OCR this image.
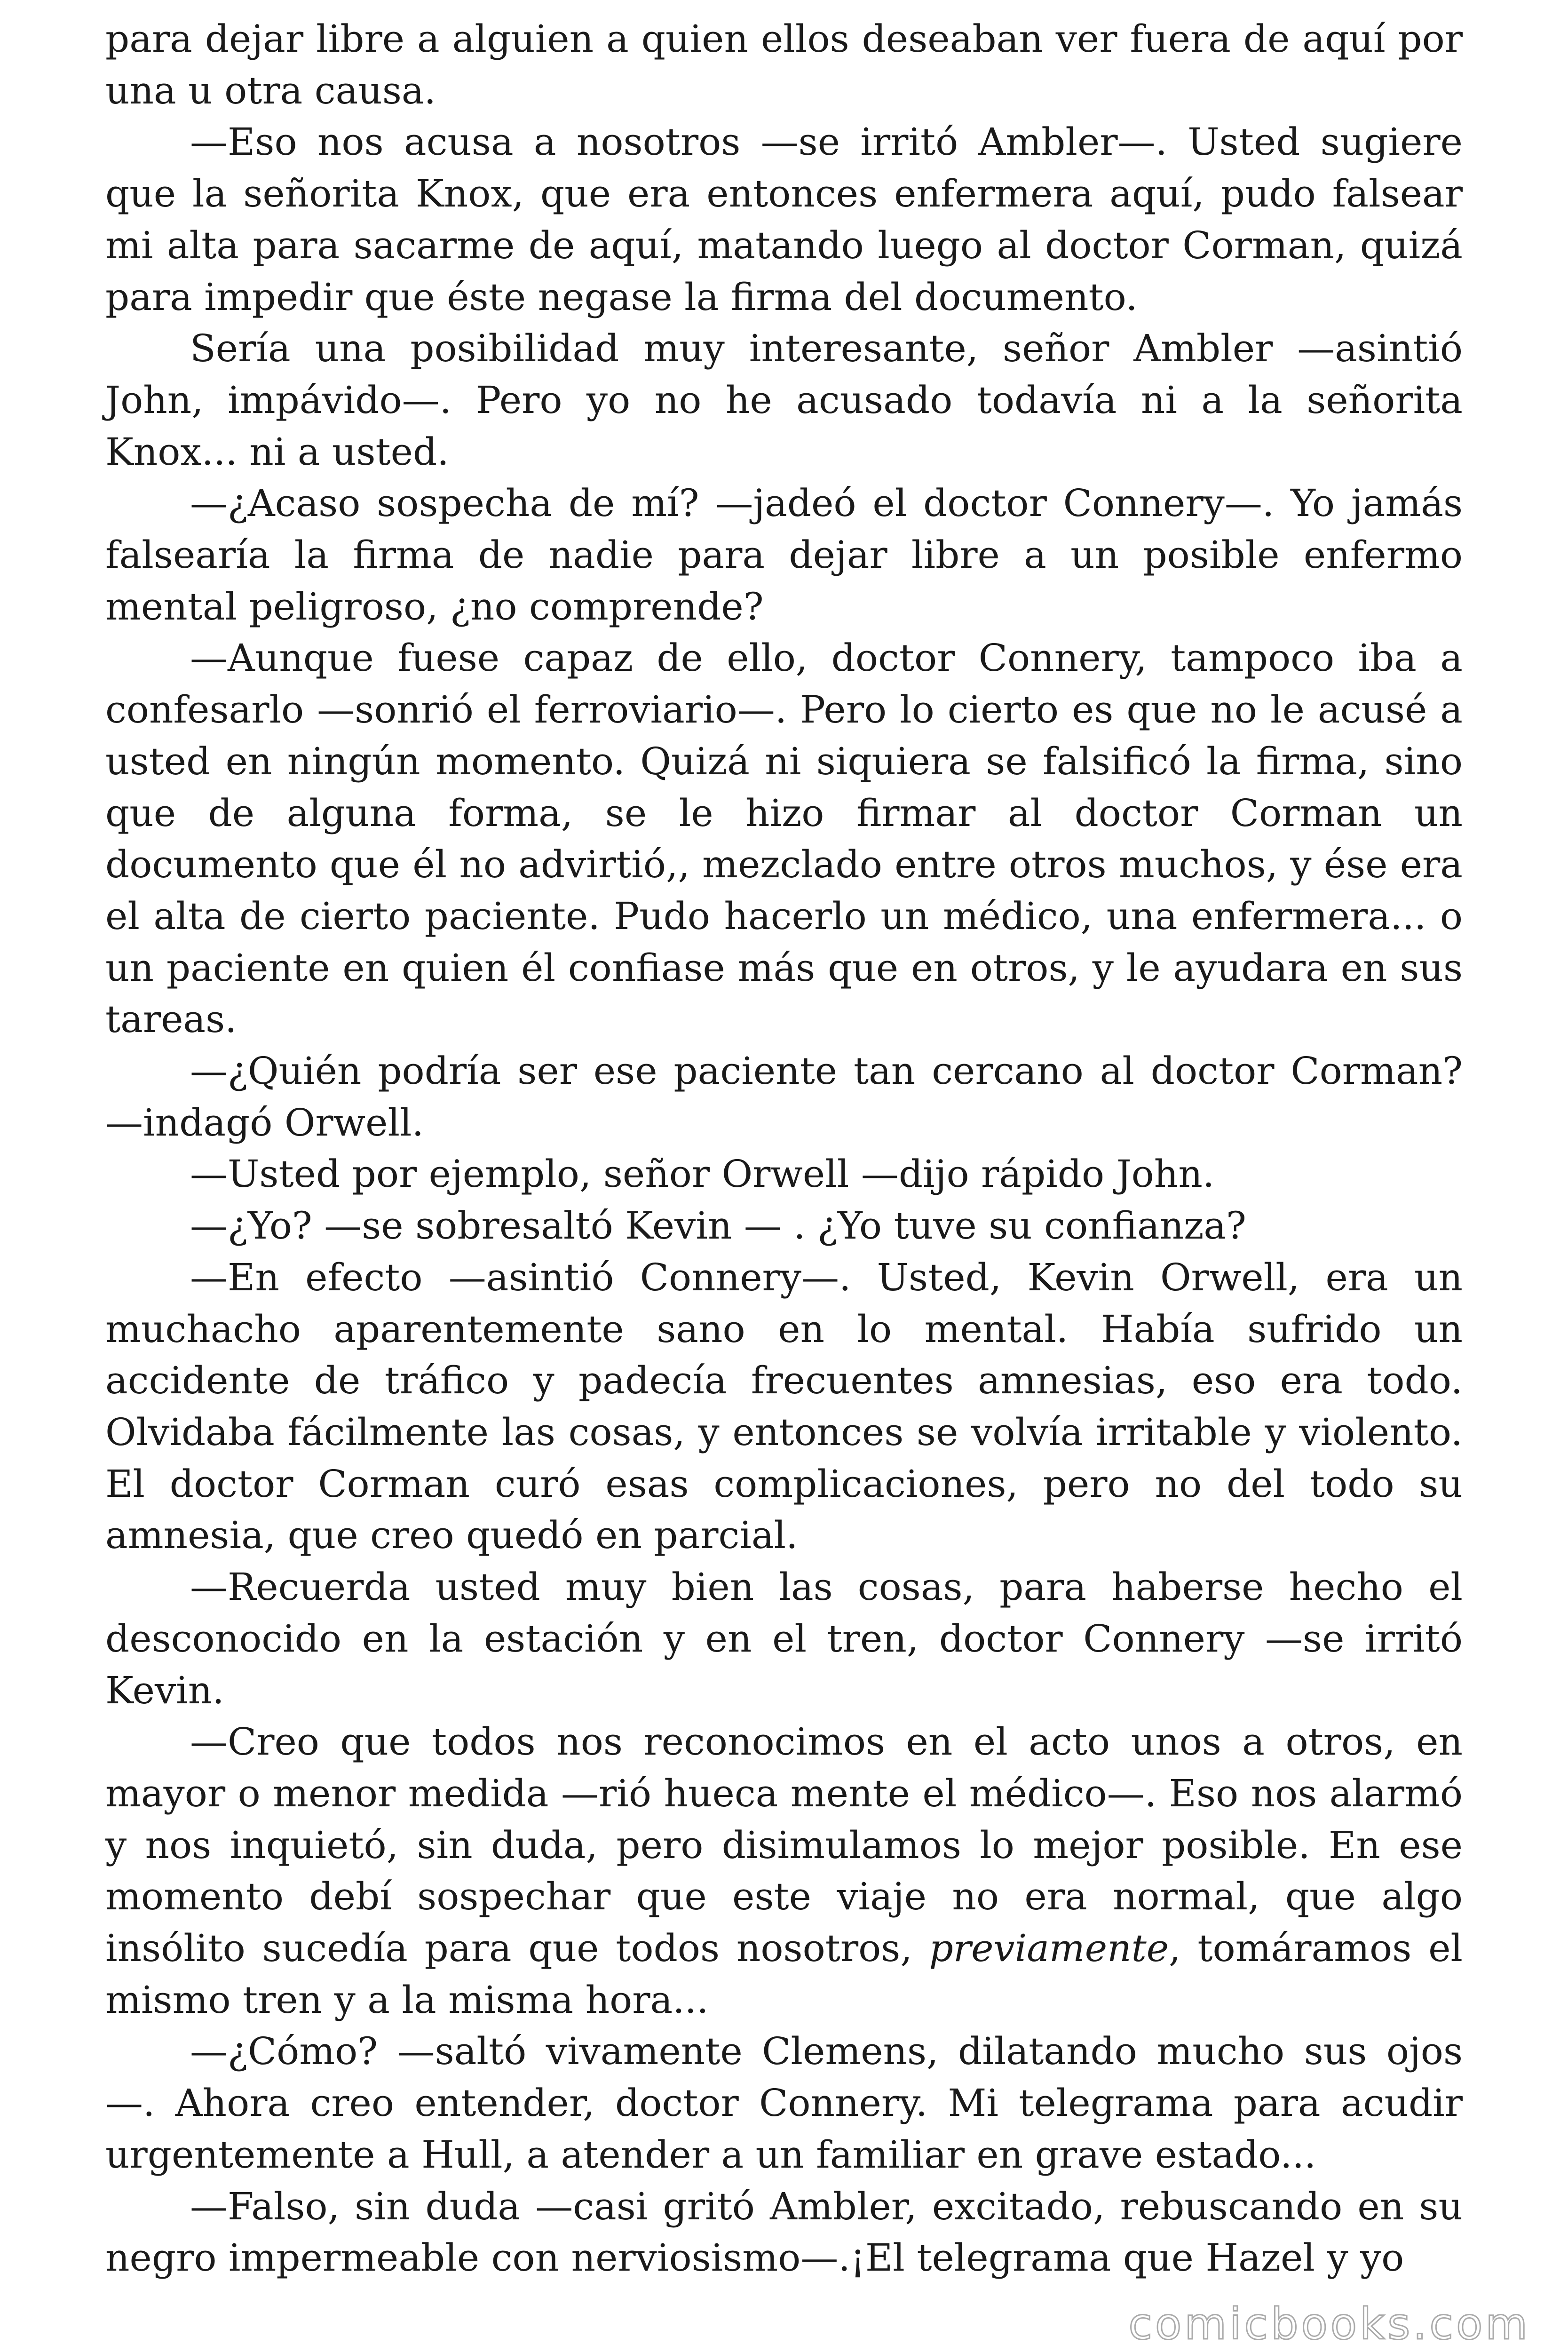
para dejar libre a alguien a quien ellos deseaban ver fuera de aquí por una u otra causa.

—Eso nos acusa a nosotros —se irritó Ambler—. Usted sugiere que la señorita Knox, que era entonces enfermera aquí, pudo falsear mi alta para sacarme de aquí, matando luego al doctor Corman, quizá para impedir que éste negase la firma del documento.

Sería una posibilidad muy interesante, señor Ambler —asintió John, impávido—. Pero yo no he acusado todavía ni a la señorita Knox... ni a usted.

—¿Acaso sospecha de mí? —jadeó el doctor Connery—. Yo jamás falsearía la firma de nadie para dejar libre a un posible enfermo mental peligroso, ¿no comprende?

—Aunque fuese capaz de ello, doctor Connery, tampoco iba a confesarlo —sonrió el ferroviario—. Pero lo cierto es que no le acusé a usted en ningún momento. Quizá ni siquiera se falsificó la firma, sino que de alguna forma, se le hizo firmar al doctor Corman un documento que él no advirtió,, mezclado entre otros muchos, y ése era el alta de cierto paciente. Pudo hacerlo un médico, una enfermera... o un paciente en quien él confiase más que en otros, y le ayudara en sus tareas.

—¿Quién podría ser ese paciente tan cercano al doctor Corman? —indagó Orwell.

—Usted por ejemplo, señor Orwell —dijo rápido John.

—¿Yo? —se sobresaltó Kevin — . ¿Yo tuve su confianza?

—En efecto —asintió Connery—. Usted, Kevin Orwell, era un muchacho aparentemente sano en lo mental. Había sufrido un accidente de tráfico y padecía frecuentes amnesias, eso era todo. Olvidaba fácilmente las cosas, y entonces se volvía irritable y violento. El doctor Corman curó esas complicaciones, pero no del todo su amnesia, que creo quedó en parcial.

—Recuerda usted muy bien las cosas, para haberse hecho el desconocido en la estación y en el tren, doctor Connery —se irritó Kevin.

—Creo que todos nos reconocimos en el acto unos a otros, en mayor o menor medida —rió hueca mente el médico—. Eso nos alarmó y nos inquietó, sin duda, pero disimulamos lo mejor posible. En ese momento debí sospechar que este viaje no era normal, que algo insólito sucedía para que todos nosotros, previamente, tomáramos el mismo tren y a la misma hora...

—¿Cómo? —saltó vivamente Clemens, dilatando mucho sus ojos —. Ahora creo entender, doctor Connery. Mi telegrama para acudir urgentemente a Hull, a atender a un familiar en grave estado...

—Falso, sin duda —casi gritó Ambler, excitado, rebuscando en su negro impermeable con nerviosismo—.¡El telegrama que Hazel y yo

comicbooks.com
